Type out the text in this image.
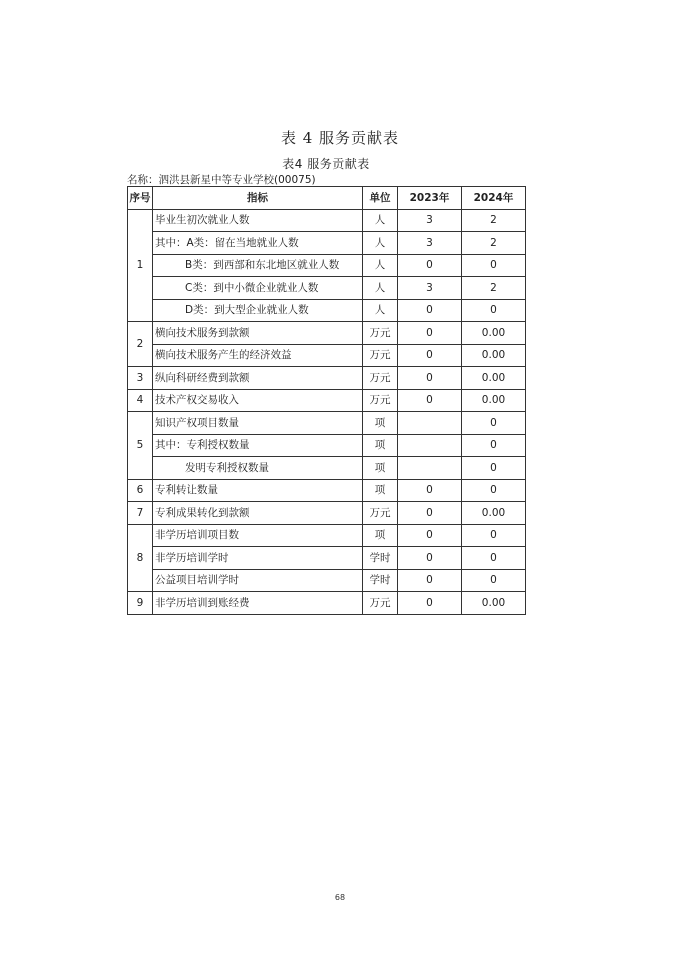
表 4 服务贡献表
表4 服务贡献表
名称：泗洪县新星中等专业学校(00075)
序号	指标	单位	2023年	2024年
1	毕业生初次就业人数	人	3	2
	其中：A类：留在当地就业人数	人	3	2
	B类：到西部和东北地区就业人数	人	0	0
	C类：到中小微企业就业人数	人	3	2
	D类：到大型企业就业人数	人	0	0
2	横向技术服务到款额	万元	0	0.00
	横向技术服务产生的经济效益	万元	0	0.00
3	纵向科研经费到款额	万元	0	0.00
4	技术产权交易收入	万元	0	0.00
5	知识产权项目数量	项		0
	其中：专利授权数量	项		0
	发明专利授权数量	项		0
6	专利转让数量	项	0	0
7	专利成果转化到款额	万元	0	0.00
8	非学历培训项目数	项	0	0
	非学历培训学时	学时	0	0
	公益项目培训学时	学时	0	0
9	非学历培训到账经费	万元	0	0.00
68
